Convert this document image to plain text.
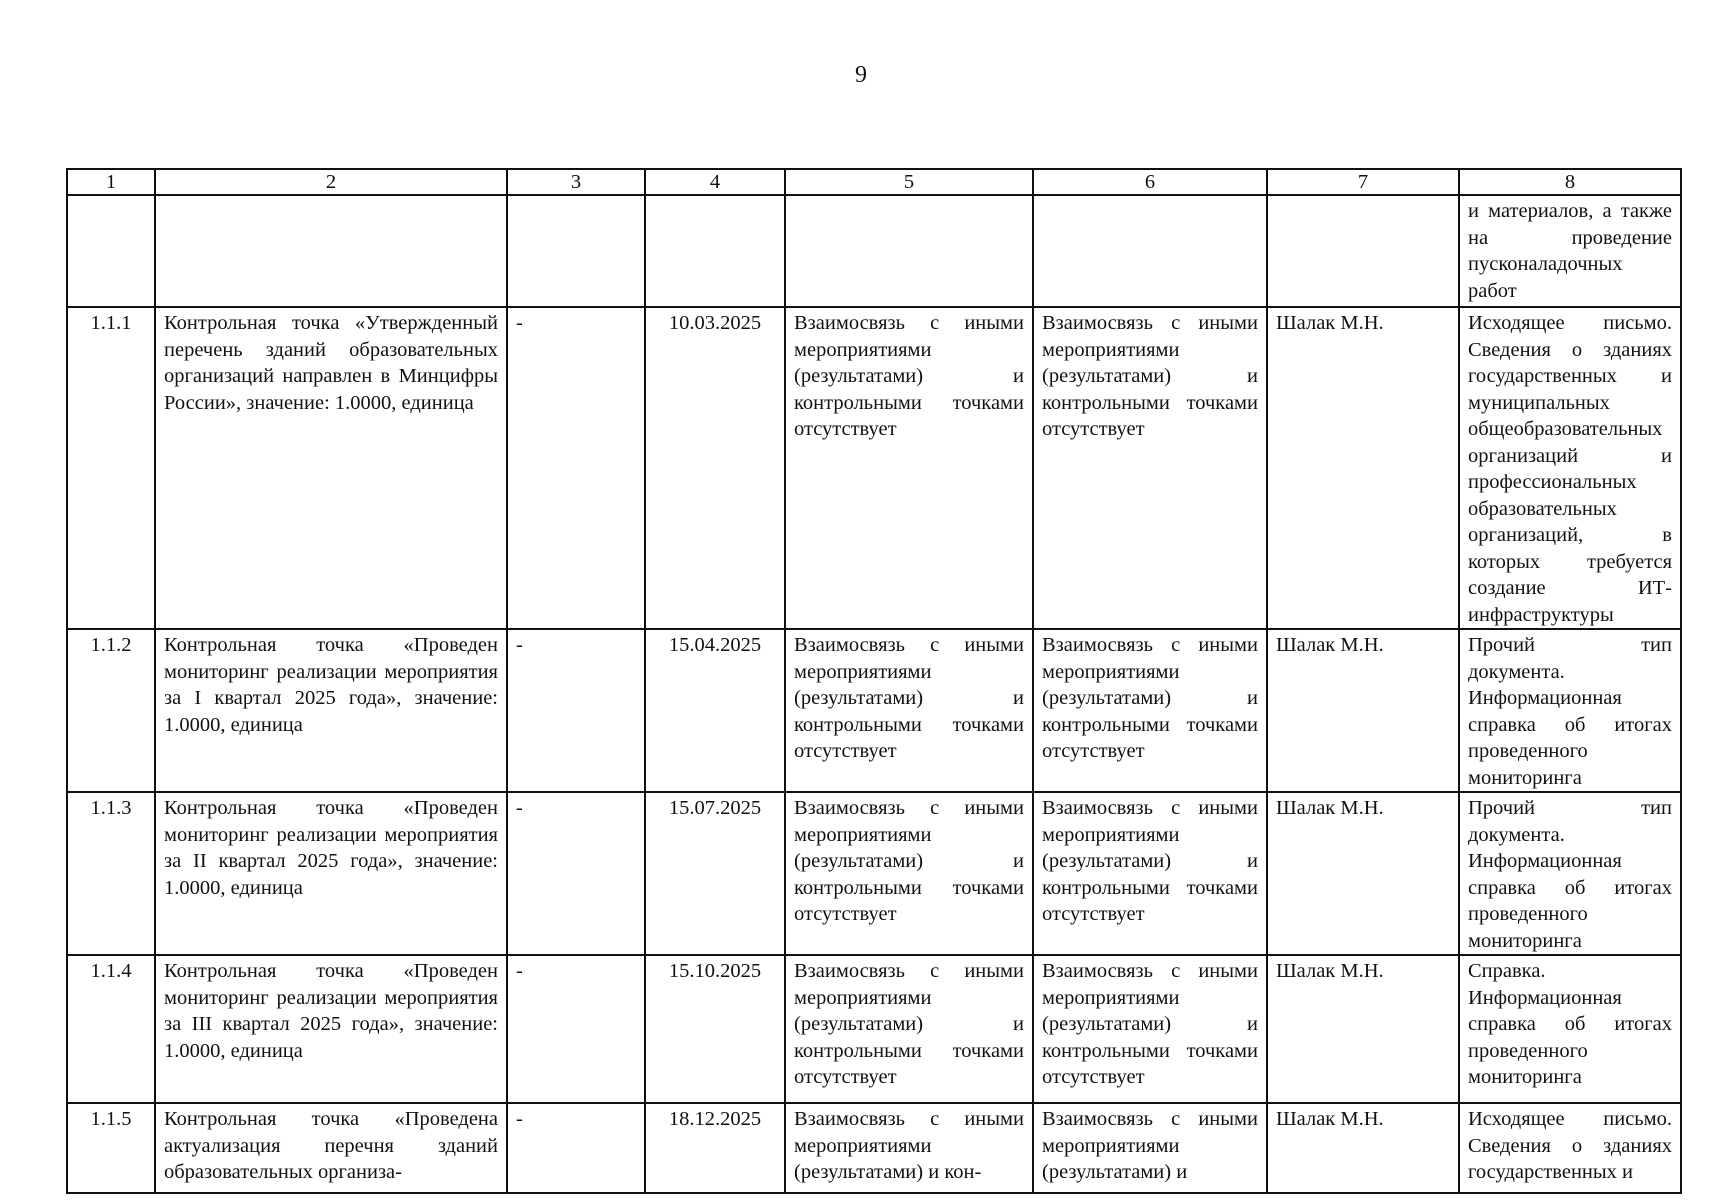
9
1	2	3	4	5	6	7	8
							и материалов, а также на проведение пусконаладочных работ
1.1.1	Контрольная точка «Утвержденный перечень зданий образовательных организаций направлен в Минцифры России», значение: 1.0000, единица	-	10.03.2025	Взаимосвязь с иными мероприятиями (результатами) и контрольными точками отсутствует	Взаимосвязь с иными мероприятиями (результатами) и контрольными точками отсутствует	Шалак М.Н.	Исходящее письмо. Сведения о зданиях государственных и муниципальных общеобразовательных организаций и профессиональных образовательных организаций, в которых требуется создание ИТ-инфраструктуры
1.1.2	Контрольная точка «Проведен мониторинг реализации мероприятия за I квартал 2025 года», значение: 1.0000, единица	-	15.04.2025	Взаимосвязь с иными мероприятиями (результатами) и контрольными точками отсутствует	Взаимосвязь с иными мероприятиями (результатами) и контрольными точками отсутствует	Шалак М.Н.	Прочий тип документа. Информационная справка об итогах проведенного мониторинга
1.1.3	Контрольная точка «Проведен мониторинг реализации мероприятия за II квартал 2025 года», значение: 1.0000, единица	-	15.07.2025	Взаимосвязь с иными мероприятиями (результатами) и контрольными точками отсутствует	Взаимосвязь с иными мероприятиями (результатами) и контрольными точками отсутствует	Шалак М.Н.	Прочий тип документа. Информационная справка об итогах проведенного мониторинга
1.1.4	Контрольная точка «Проведен мониторинг реализации мероприятия за III квартал 2025 года», значение: 1.0000, единица	-	15.10.2025	Взаимосвязь с иными мероприятиями (результатами) и контрольными точками отсутствует	Взаимосвязь с иными мероприятиями (результатами) и контрольными точками отсутствует	Шалак М.Н.	Справка. Информационная справка об итогах проведенного мониторинга
1.1.5	Контрольная точка «Проведена актуализация перечня зданий образовательных организа-	-	18.12.2025	Взаимосвязь с иными мероприятиями (результатами) и кон-	Взаимосвязь с иными мероприятиями (результатами) и	Шалак М.Н.	Исходящее письмо. Сведения о зданиях государственных и
